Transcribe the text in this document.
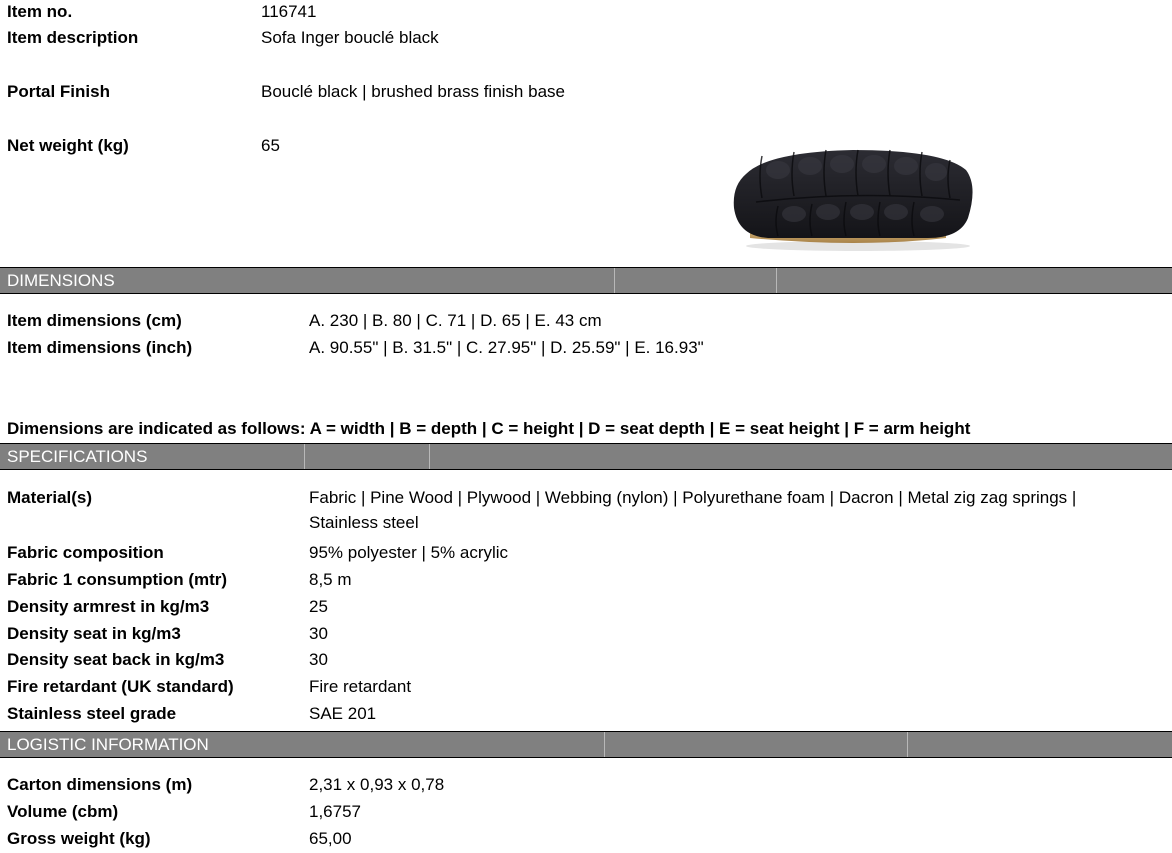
Item no.	116741
Item description	Sofa Inger bouclé black
Portal Finish	Bouclé black | brushed brass finish base
Net weight (kg)	65
DIMENSIONS
Item dimensions (cm)	A. 230 | B. 80 | C. 71 | D. 65 | E. 43 cm
Item dimensions (inch)	A. 90.55" | B. 31.5" | C. 27.95" | D. 25.59" | E. 16.93"
Dimensions are indicated as follows: A = width | B = depth | C = height | D = seat depth | E = seat height | F = arm height
SPECIFICATIONS
Material(s)	Fabric | Pine Wood | Plywood | Webbing (nylon) | Polyurethane foam | Dacron | Metal zig zag springs |
Stainless steel
Fabric composition	95% polyester | 5% acrylic
Fabric 1 consumption (mtr)	8,5 m
Density armrest in kg/m3	25
Density seat in kg/m3	30
Density seat back in kg/m3	30
Fire retardant (UK standard)	Fire retardant
Stainless steel grade	SAE 201
LOGISTIC INFORMATION
Carton dimensions (m)	2,31 x 0,93 x 0,78
Volume (cbm)	1,6757
Gross weight (kg)	65,00
